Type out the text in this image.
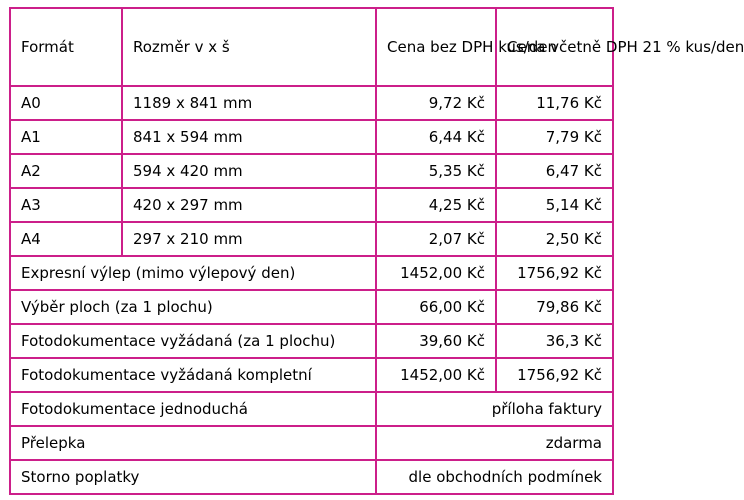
Formát	Rozměr v x š	Cena bez DPH kus/den	Cena včetně DPH 21 % kus/den
A0	1189 x 841 mm	9,72 Kč	11,76 Kč
A1	841 x 594 mm	6,44 Kč	7,79 Kč
A2	594 x 420 mm	5,35 Kč	6,47 Kč
A3	420 x 297 mm	4,25 Kč	5,14 Kč
A4	297 x 210 mm	2,07 Kč	2,50 Kč
Expresní výlep (mimo výlepový den)		1452,00 Kč	1756,92 Kč
Výběr ploch (za 1 plochu)		66,00 Kč	79,86 Kč
Fotodokumentace vyžádaná (za 1 plochu)		39,60 Kč	36,3 Kč
Fotodokumentace vyžádaná kompletní		1452,00 Kč	1756,92 Kč
Fotodokumentace jednoduchá		příloha faktury	
Přelepka		zdarma	
Storno poplatky		dle obchodních podmínek	
